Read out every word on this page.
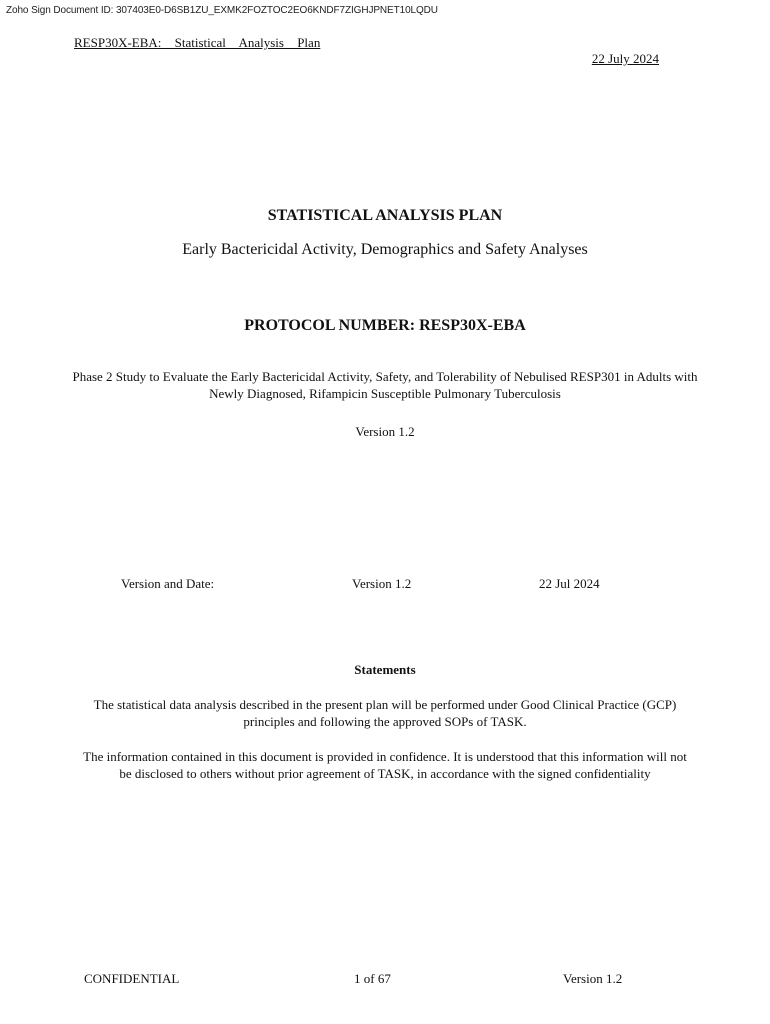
Zoho Sign Document ID: 307403E0-D6SB1ZU_EXMK2FOZTOC2EO6KNDF7ZIGHJPNET10LQDU
RESP30X-EBA: Statistical Analysis Plan
22 July 2024
STATISTICAL ANALYSIS PLAN
Early Bactericidal Activity, Demographics and Safety Analyses
PROTOCOL NUMBER: RESP30X-EBA
Phase 2 Study to Evaluate the Early Bactericidal Activity, Safety, and Tolerability of Nebulised RESP301 in Adults with Newly Diagnosed, Rifampicin Susceptible Pulmonary Tuberculosis
Version 1.2
Version and Date:	Version 1.2	22 Jul 2024
Statements
The statistical data analysis described in the present plan will be performed under Good Clinical Practice (GCP) principles and following the approved SOPs of TASK.
The information contained in this document is provided in confidence. It is understood that this information will not be disclosed to others without prior agreement of TASK, in accordance with the signed confidentiality
CONFIDENTIAL	1 of 67	Version 1.2
